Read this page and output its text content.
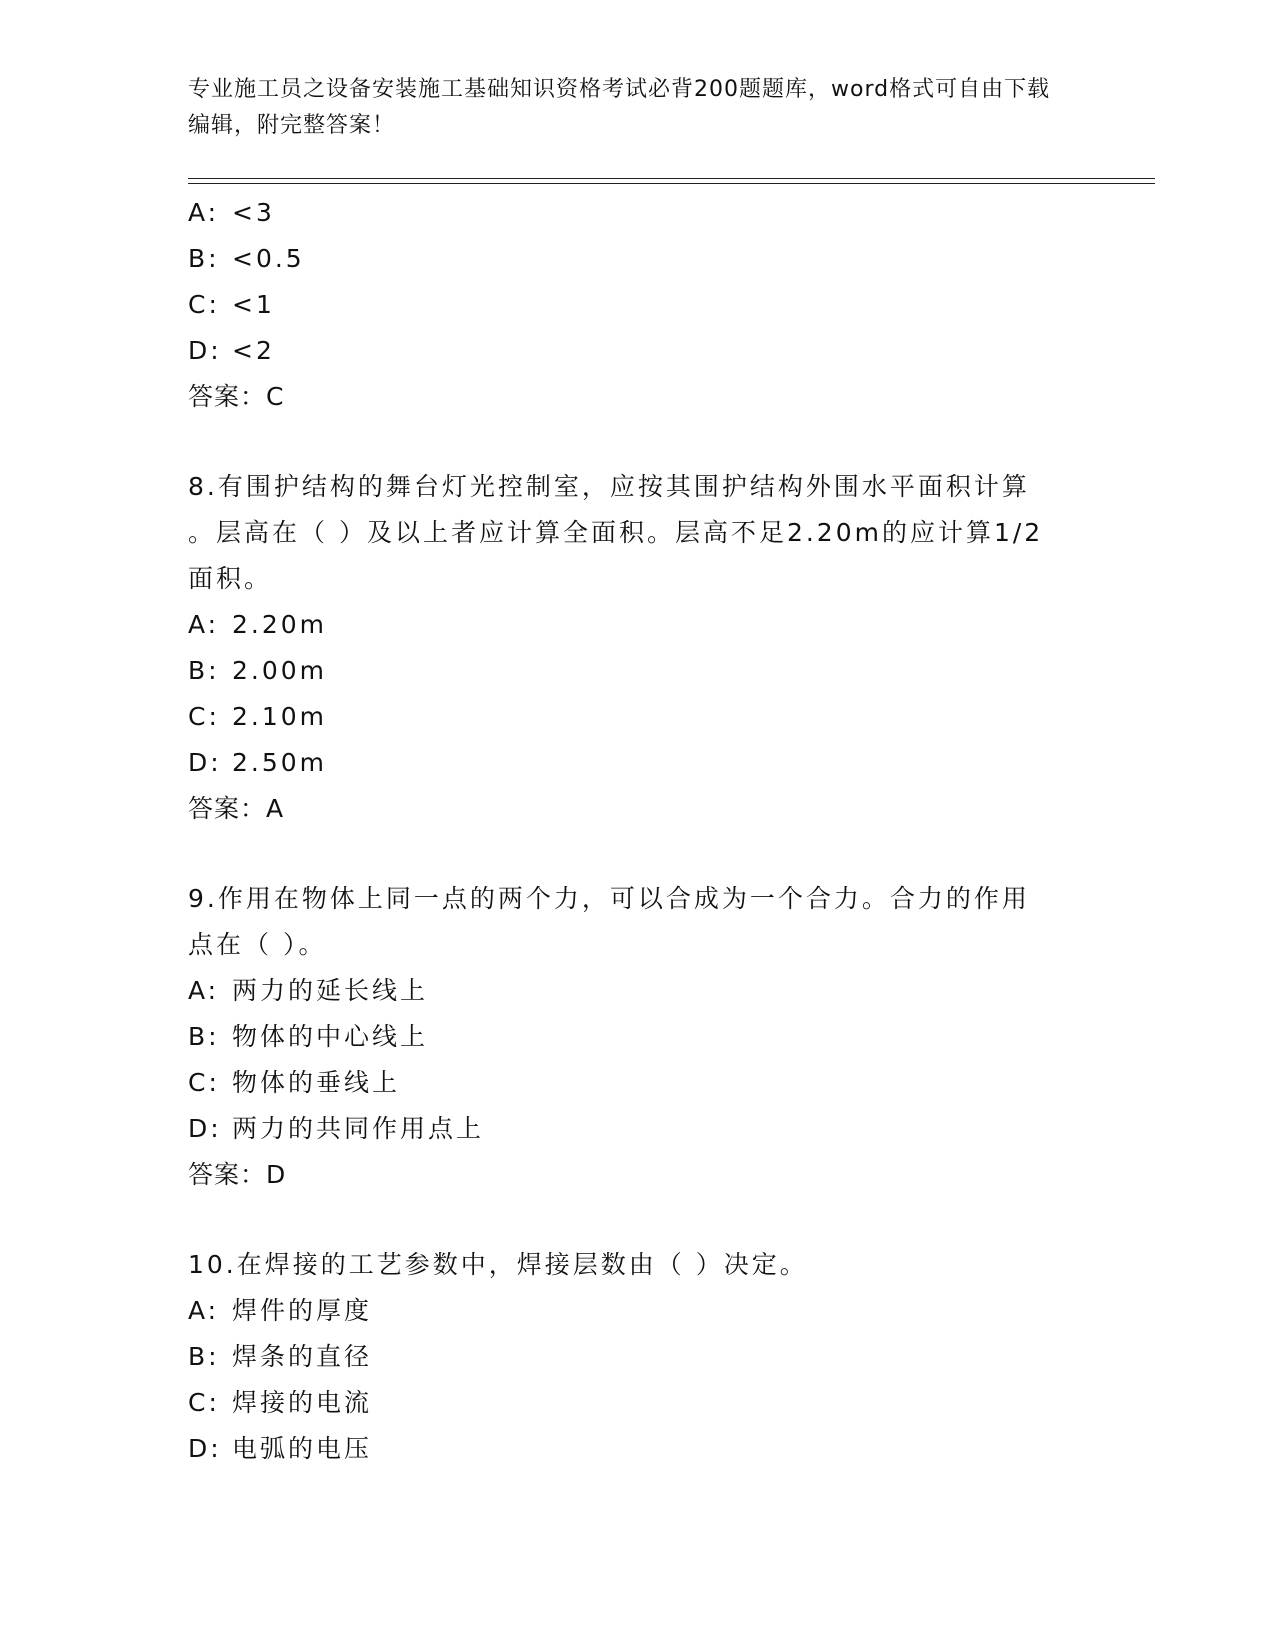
专业施工员之设备安装施工基础知识资格考试必背200题题库，word格式可自由下载编辑，附完整答案！
A: <3
B: <0.5
C: <1
D: <2
答案：C
8.有围护结构的舞台灯光控制室，应按其围护结构外围水平面积计算
。层高在（ ）及以上者应计算全面积。层高不足2.20m的应计算1/2
面积。
A: 2.20m
B: 2.00m
C: 2.10m
D: 2.50m
答案：A
9.作用在物体上同一点的两个力，可以合成为一个合力。合力的作用
点在（ ）。
A: 两力的延长线上
B: 物体的中心线上
C: 物体的垂线上
D: 两力的共同作用点上
答案：D
10.在焊接的工艺参数中，焊接层数由（ ）决定。
A: 焊件的厚度
B: 焊条的直径
C: 焊接的电流
D: 电弧的电压
